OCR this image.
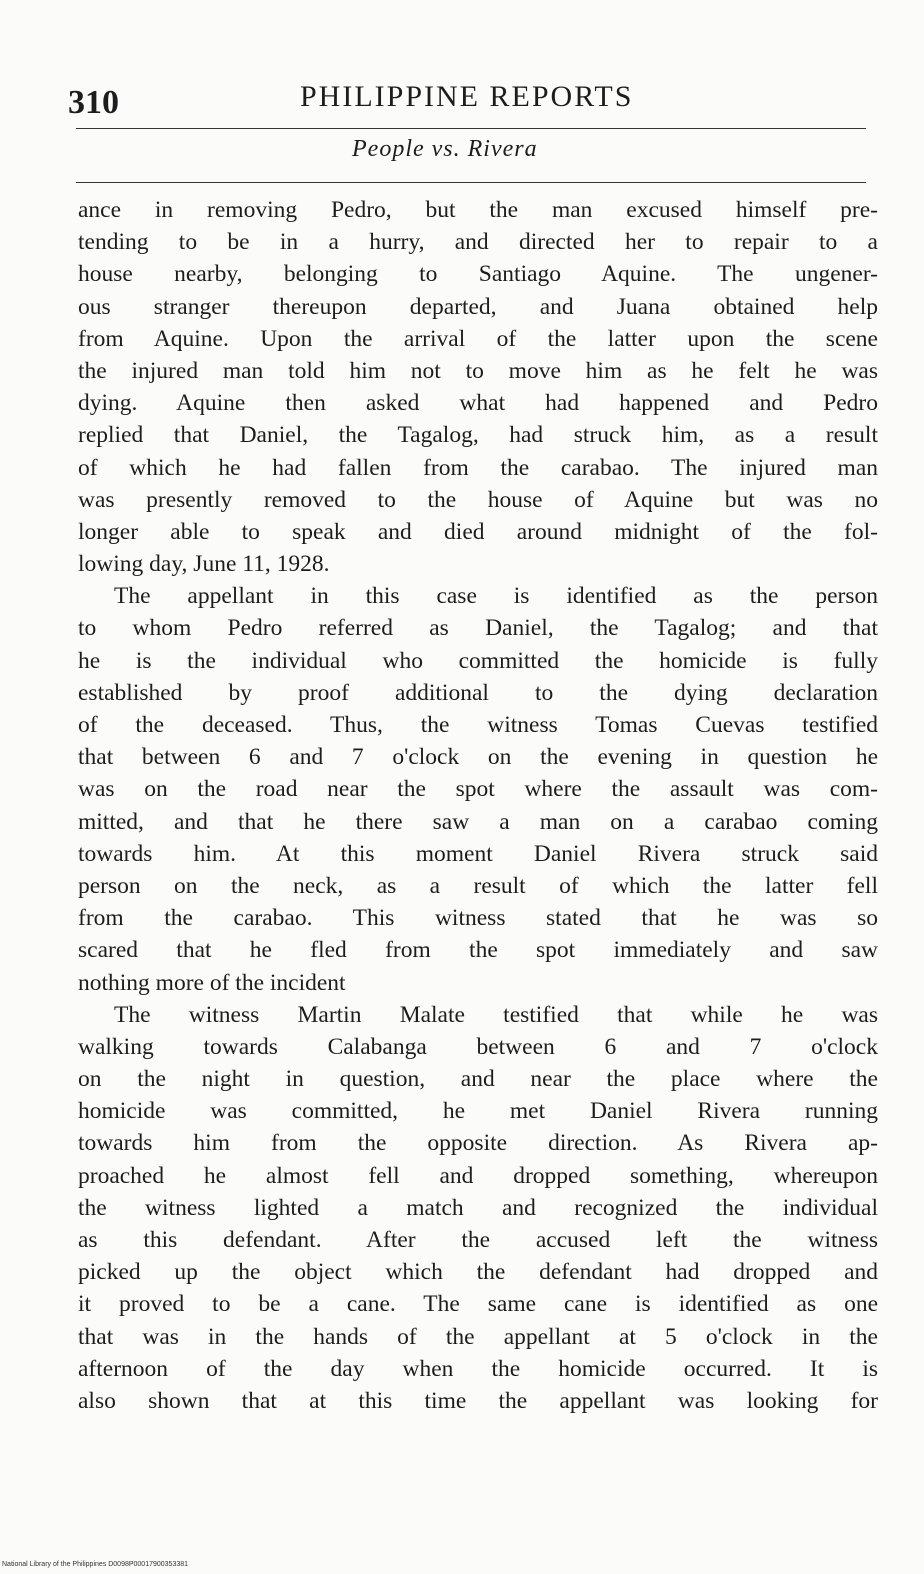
310	PHILIPPINE REPORTS
People vs. Rivera
ance in removing Pedro, but the man excused himself pre-
tending to be in a hurry, and directed her to repair to a
house nearby, belonging to Santiago Aquine. The ungener-
ous stranger thereupon departed, and Juana obtained help
from Aquine. Upon the arrival of the latter upon the scene
the injured man told him not to move him as he felt he was
dying. Aquine then asked what had happened and Pedro
replied that Daniel, the Tagalog, had struck him, as a result
of which he had fallen from the carabao. The injured man
was presently removed to the house of Aquine but was no
longer able to speak and died around midnight of the fol-
lowing day, June 11, 1928.
The appellant in this case is identified as the person
to whom Pedro referred as Daniel, the Tagalog; and that
he is the individual who committed the homicide is fully
established by proof additional to the dying declaration
of the deceased. Thus, the witness Tomas Cuevas testified
that between 6 and 7 o'clock on the evening in question he
was on the road near the spot where the assault was com-
mitted, and that he there saw a man on a carabao coming
towards him. At this moment Daniel Rivera struck said
person on the neck, as a result of which the latter fell
from the carabao. This witness stated that he was so
scared that he fled from the spot immediately and saw
nothing more of the incident
The witness Martin Malate testified that while he was
walking towards Calabanga between 6 and 7 o'clock
on the night in question, and near the place where the
homicide was committed, he met Daniel Rivera running
towards him from the opposite direction. As Rivera ap-
proached he almost fell and dropped something, whereupon
the witness lighted a match and recognized the individual
as this defendant. After the accused left the witness
picked up the object which the defendant had dropped and
it proved to be a cane. The same cane is identified as one
that was in the hands of the appellant at 5 o'clock in the
afternoon of the day when the homicide occurred. It is
also shown that at this time the appellant was looking for
National Library of the Philippines D0098P00017900353381
